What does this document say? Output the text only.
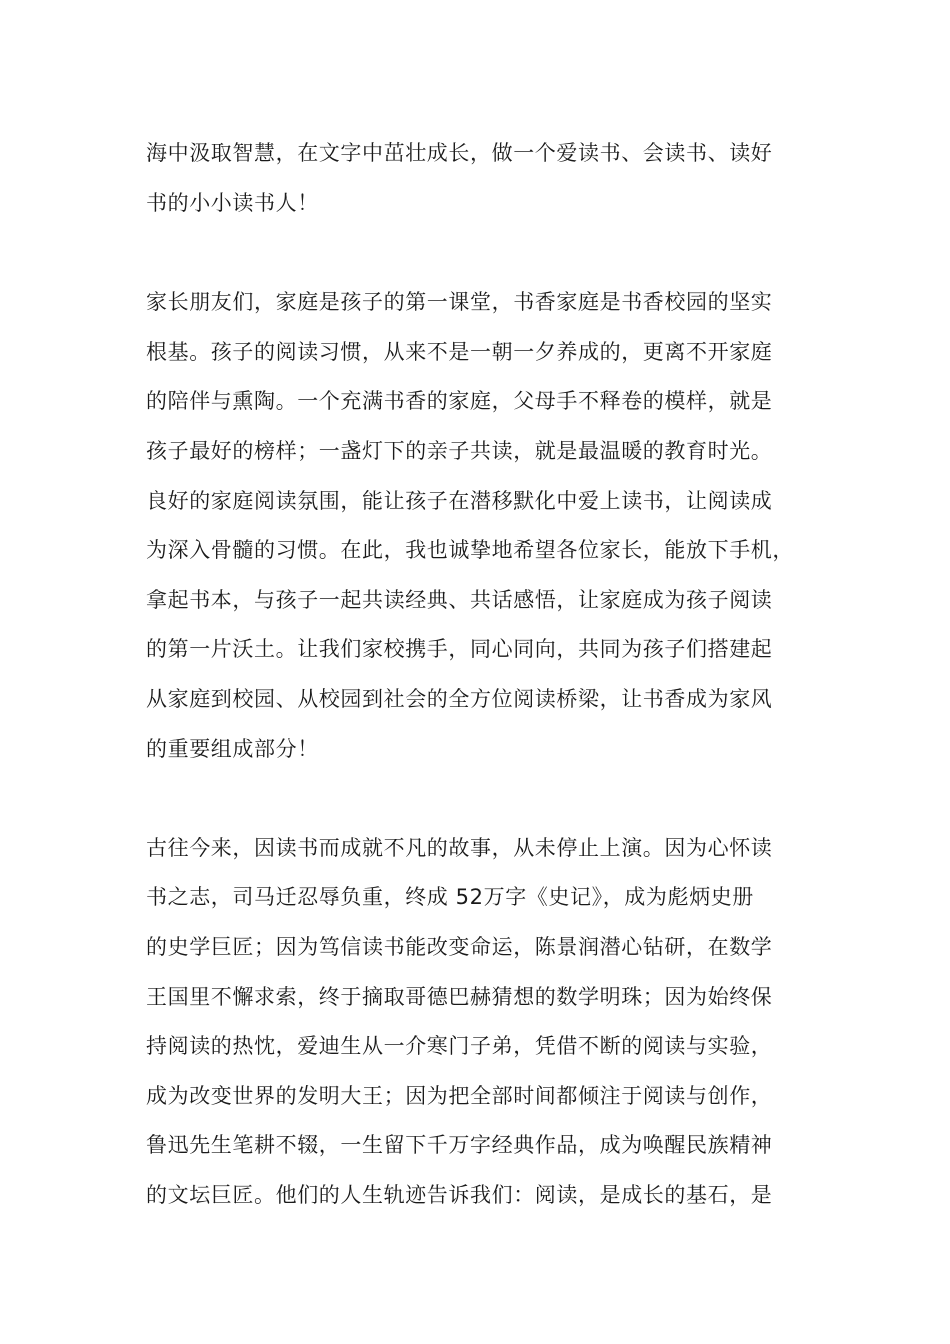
海中汲取智慧，在文字中茁壮成长，做一个爱读书、会读书、读好
书的小小读书人！
家长朋友们，家庭是孩子的第一课堂，书香家庭是书香校园的坚实
根基。孩子的阅读习惯，从来不是一朝一夕养成的，更离不开家庭
的陪伴与熏陶。一个充满书香的家庭，父母手不释卷的模样，就是
孩子最好的榜样；一盏灯下的亲子共读，就是最温暖的教育时光。
良好的家庭阅读氛围，能让孩子在潜移默化中爱上读书，让阅读成
为深入骨髓的习惯。在此，我也诚挚地希望各位家长，能放下手机，
拿起书本，与孩子一起共读经典、共话感悟，让家庭成为孩子阅读
的第一片沃土。让我们家校携手，同心同向，共同为孩子们搭建起
从家庭到校园、从校园到社会的全方位阅读桥梁，让书香成为家风
的重要组成部分！
古往今来，因读书而成就不凡的故事，从未停止上演。因为心怀读
书之志，司马迁忍辱负重，终成 52万字《史记》，成为彪炳史册
的史学巨匠；因为笃信读书能改变命运，陈景润潜心钻研，在数学
王国里不懈求索，终于摘取哥德巴赫猜想的数学明珠；因为始终保
持阅读的热忱，爱迪生从一介寒门子弟，凭借不断的阅读与实验，
成为改变世界的发明大王；因为把全部时间都倾注于阅读与创作，
鲁迅先生笔耕不辍，一生留下千万字经典作品，成为唤醒民族精神
的文坛巨匠。他们的人生轨迹告诉我们：阅读，是成长的基石，是
